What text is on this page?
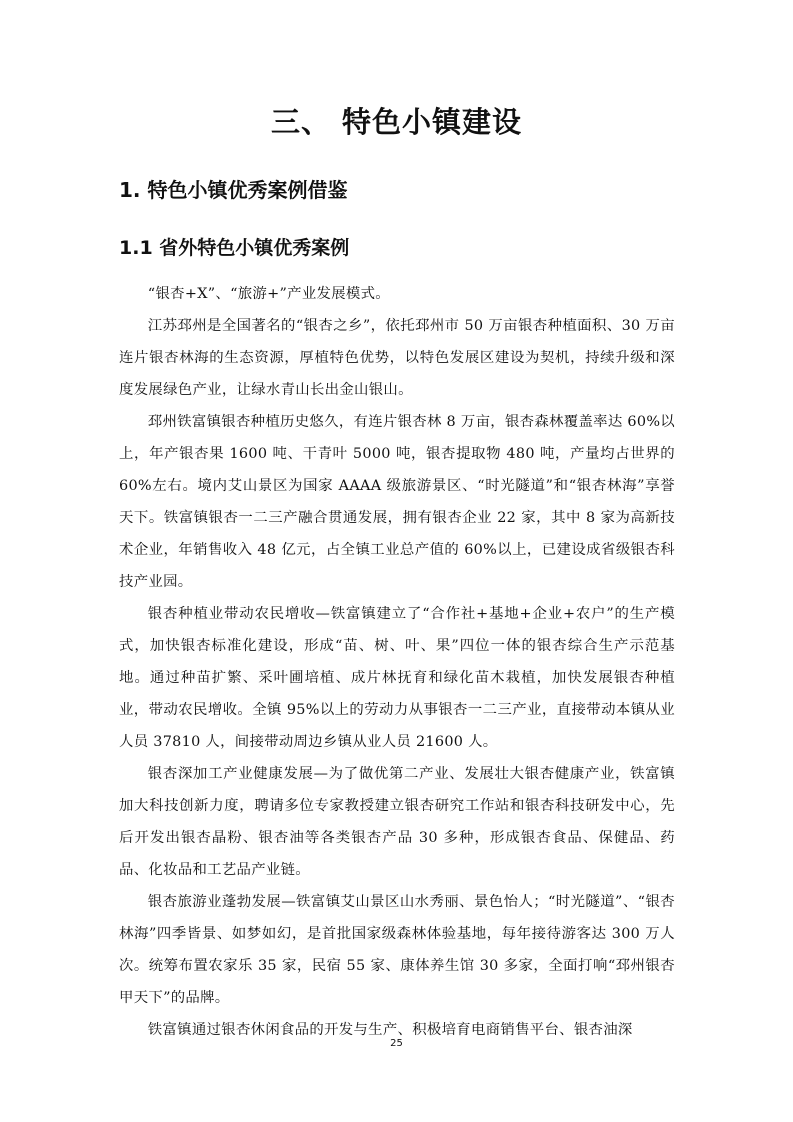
三、 特色小镇建设
1. 特色小镇优秀案例借鉴
1.1 省外特色小镇优秀案例

“银杏+X”、“旅游+”产业发展模式。

江苏邳州是全国著名的“银杏之乡”，依托邳州市 50 万亩银杏种植面积、30 万亩连片银杏林海的生态资源，厚植特色优势，以特色发展区建设为契机，持续升级和深度发展绿色产业，让绿水青山长出金山银山。

邳州铁富镇银杏种植历史悠久，有连片银杏林 8 万亩，银杏森林覆盖率达 60%以上，年产银杏果 1600 吨、干青叶 5000 吨，银杏提取物 480 吨，产量均占世界的 60%左右。境内艾山景区为国家 AAAA 级旅游景区、“时光隧道”和“银杏林海”享誉天下。铁富镇银杏一二三产融合贯通发展，拥有银杏企业 22 家，其中 8 家为高新技术企业，年销售收入 48 亿元，占全镇工业总产值的 60%以上，已建设成省级银杏科技产业园。

银杏种植业带动农民增收—铁富镇建立了“合作社+基地+企业+农户”的生产模式，加快银杏标准化建设，形成“苗、树、叶、果”四位一体的银杏综合生产示范基地。通过种苗扩繁、采叶圃培植、成片林抚育和绿化苗木栽植，加快发展银杏种植业，带动农民增收。全镇 95%以上的劳动力从事银杏一二三产业，直接带动本镇从业人员 37810 人，间接带动周边乡镇从业人员 21600 人。

银杏深加工产业健康发展—为了做优第二产业、发展壮大银杏健康产业，铁富镇加大科技创新力度，聘请多位专家教授建立银杏研究工作站和银杏科技研发中心，先后开发出银杏晶粉、银杏油等各类银杏产品 30 多种，形成银杏食品、保健品、药品、化妆品和工艺品产业链。

银杏旅游业蓬勃发展—铁富镇艾山景区山水秀丽、景色怡人；“时光隧道”、“银杏林海”四季皆景、如梦如幻，是首批国家级森林体验基地，每年接待游客达 300 万人次。统筹布置农家乐 35 家，民宿 55 家、康体养生馆 30 多家，全面打响“邳州银杏甲天下”的品牌。

铁富镇通过银杏休闲食品的开发与生产、积极培育电商销售平台、银杏油深

25
